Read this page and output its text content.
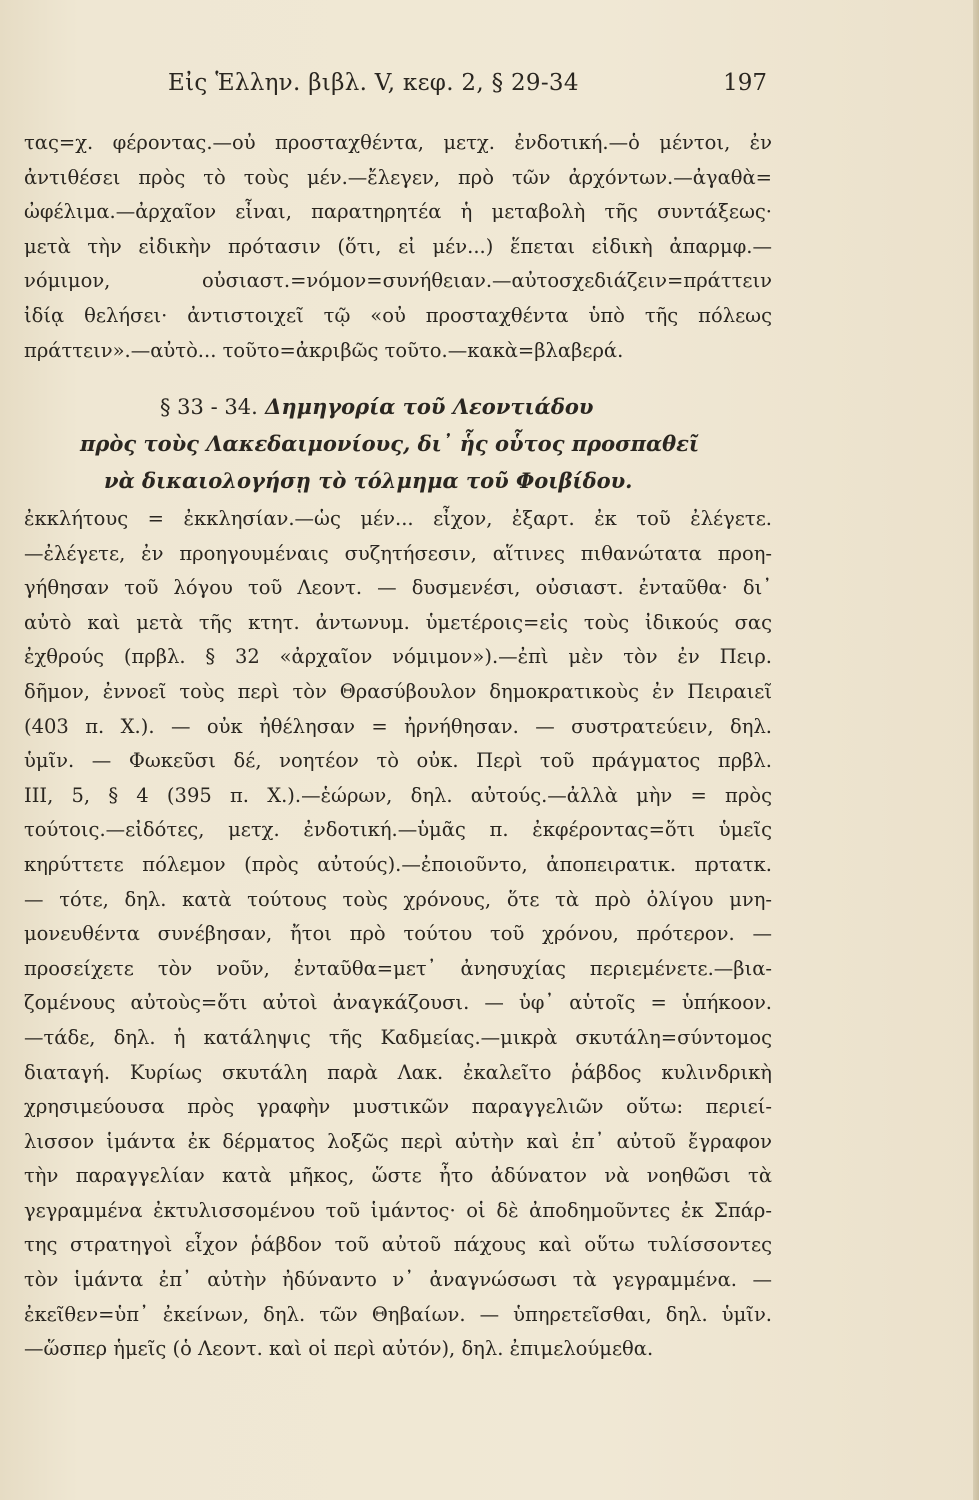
Εἰς Ἑλλην. βιβλ. V, κεφ. 2, § 29-34	197
τας=χ. φέροντας.—οὐ προσταχθέντα, μετχ. ἐνδοτική.—ὁ μέντοι, ἐν
ἀντιθέσει πρὸς τὸ τοὺς μέν.—ἔλεγεν, πρὸ τῶν ἀρχόντων.—ἀγαθὰ=
ὠφέλιμα.—ἀρχαῖον εἶναι, παρατηρητέα ἡ μεταβολὴ τῆς συντάξεως·
μετὰ τὴν εἰδικὴν πρότασιν (ὅτι, εἰ μέν...) ἕπεται εἰδικὴ ἀπαρμφ.—
νόμιμον, οὐσιαστ.=νόμον=συνήθειαν.—αὐτοσχεδιάζειν=πράττειν
ἰδίᾳ θελήσει· ἀντιστοιχεῖ τῷ «οὐ προσταχθέντα ὑπὸ τῆς πόλεως
πράττειν».—αὐτὸ... τοῦτο=ἀκριβῶς τοῦτο.—κακὰ=βλαβερά.
§ 33 - 34. Δημηγορία τοῦ Λεοντιάδου
πρὸς τοὺς Λακεδαιμονίους, δι᾽ ἧς οὗτος προσπαθεῖ
νὰ δικαιολογήσῃ τὸ τόλμημα τοῦ Φοιβίδου.
ἐκκλήτους = ἐκκλησίαν.—ὡς μέν... εἶχον, ἐξαρτ. ἐκ τοῦ ἐλέγετε.
—ἐλέγετε, ἐν προηγουμέναις συζητήσεσιν, αἵτινες πιθανώτατα προη-
γήθησαν τοῦ λόγου τοῦ Λεοντ. — δυσμενέσι, οὐσιαστ. ἐνταῦθα· δι᾽
αὐτὸ καὶ μετὰ τῆς κτητ. ἀντωνυμ. ὑμετέροις=εἰς τοὺς ἰδικούς σας
ἐχθρούς (πρβλ. § 32 «ἀρχαῖον νόμιμον»).—ἐπὶ μὲν τὸν ἐν Πειρ.
δῆμον, ἐννοεῖ τοὺς περὶ τὸν Θρασύβουλον δημοκρατικοὺς ἐν Πειραιεῖ
(403 π. Χ.). — οὐκ ἠθέλησαν = ἠρνήθησαν. — συστρατεύειν, δηλ.
ὑμῖν. — Φωκεῦσι δέ, νοητέον τὸ οὐκ. Περὶ τοῦ πράγματος πρβλ.
III, 5, § 4 (395 π. Χ.).—ἑώρων, δηλ. αὐτούς.—ἀλλὰ μὴν = πρὸς
τούτοις.—εἰδότες, μετχ. ἐνδοτική.—ὑμᾶς π. ἐκφέροντας=ὅτι ὑμεῖς
κηρύττετε πόλεμον (πρὸς αὐτούς).—ἐποιοῦντο, ἀποπειρατικ. πρτατκ.
— τότε, δηλ. κατὰ τούτους τοὺς χρόνους, ὅτε τὰ πρὸ ὀλίγου μνη-
μονευθέντα συνέβησαν, ἤτοι πρὸ τούτου τοῦ χρόνου, πρότερον. —
προσείχετε τὸν νοῦν, ἐνταῦθα=μετ᾽ ἀνησυχίας περιεμένετε.—βια-
ζομένους αὐτοὺς=ὅτι αὐτοὶ ἀναγκάζουσι. — ὑφ᾽ αὑτοῖς = ὑπήκοον.
—τάδε, δηλ. ἡ κατάληψις τῆς Καδμείας.—μικρὰ σκυτάλη=σύντομος
διαταγή. Κυρίως σκυτάλη παρὰ Λακ. ἐκαλεῖτο ῥάβδος κυλινδρικὴ
χρησιμεύουσα πρὸς γραφὴν μυστικῶν παραγγελιῶν οὕτω: περιεί-
λισσον ἱμάντα ἐκ δέρματος λοξῶς περὶ αὐτὴν καὶ ἐπ᾽ αὐτοῦ ἔγραφον
τὴν παραγγελίαν κατὰ μῆκος, ὥστε ἦτο ἀδύνατον νὰ νοηθῶσι τὰ
γεγραμμένα ἐκτυλισσομένου τοῦ ἱμάντος· οἱ δὲ ἀποδημοῦντες ἐκ Σπάρ-
της στρατηγοὶ εἶχον ῥάβδον τοῦ αὐτοῦ πάχους καὶ οὕτω τυλίσσοντες
τὸν ἱμάντα ἐπ᾽ αὐτὴν ἠδύναντο ν᾽ ἀναγνώσωσι τὰ γεγραμμένα. —
ἐκεῖθεν=ὑπ᾽ ἐκείνων, δηλ. τῶν Θηβαίων. — ὑπηρετεῖσθαι, δηλ. ὑμῖν.
—ὥσπερ ἡμεῖς (ὁ Λεοντ. καὶ οἱ περὶ αὐτόν), δηλ. ἐπιμελούμεθα.
